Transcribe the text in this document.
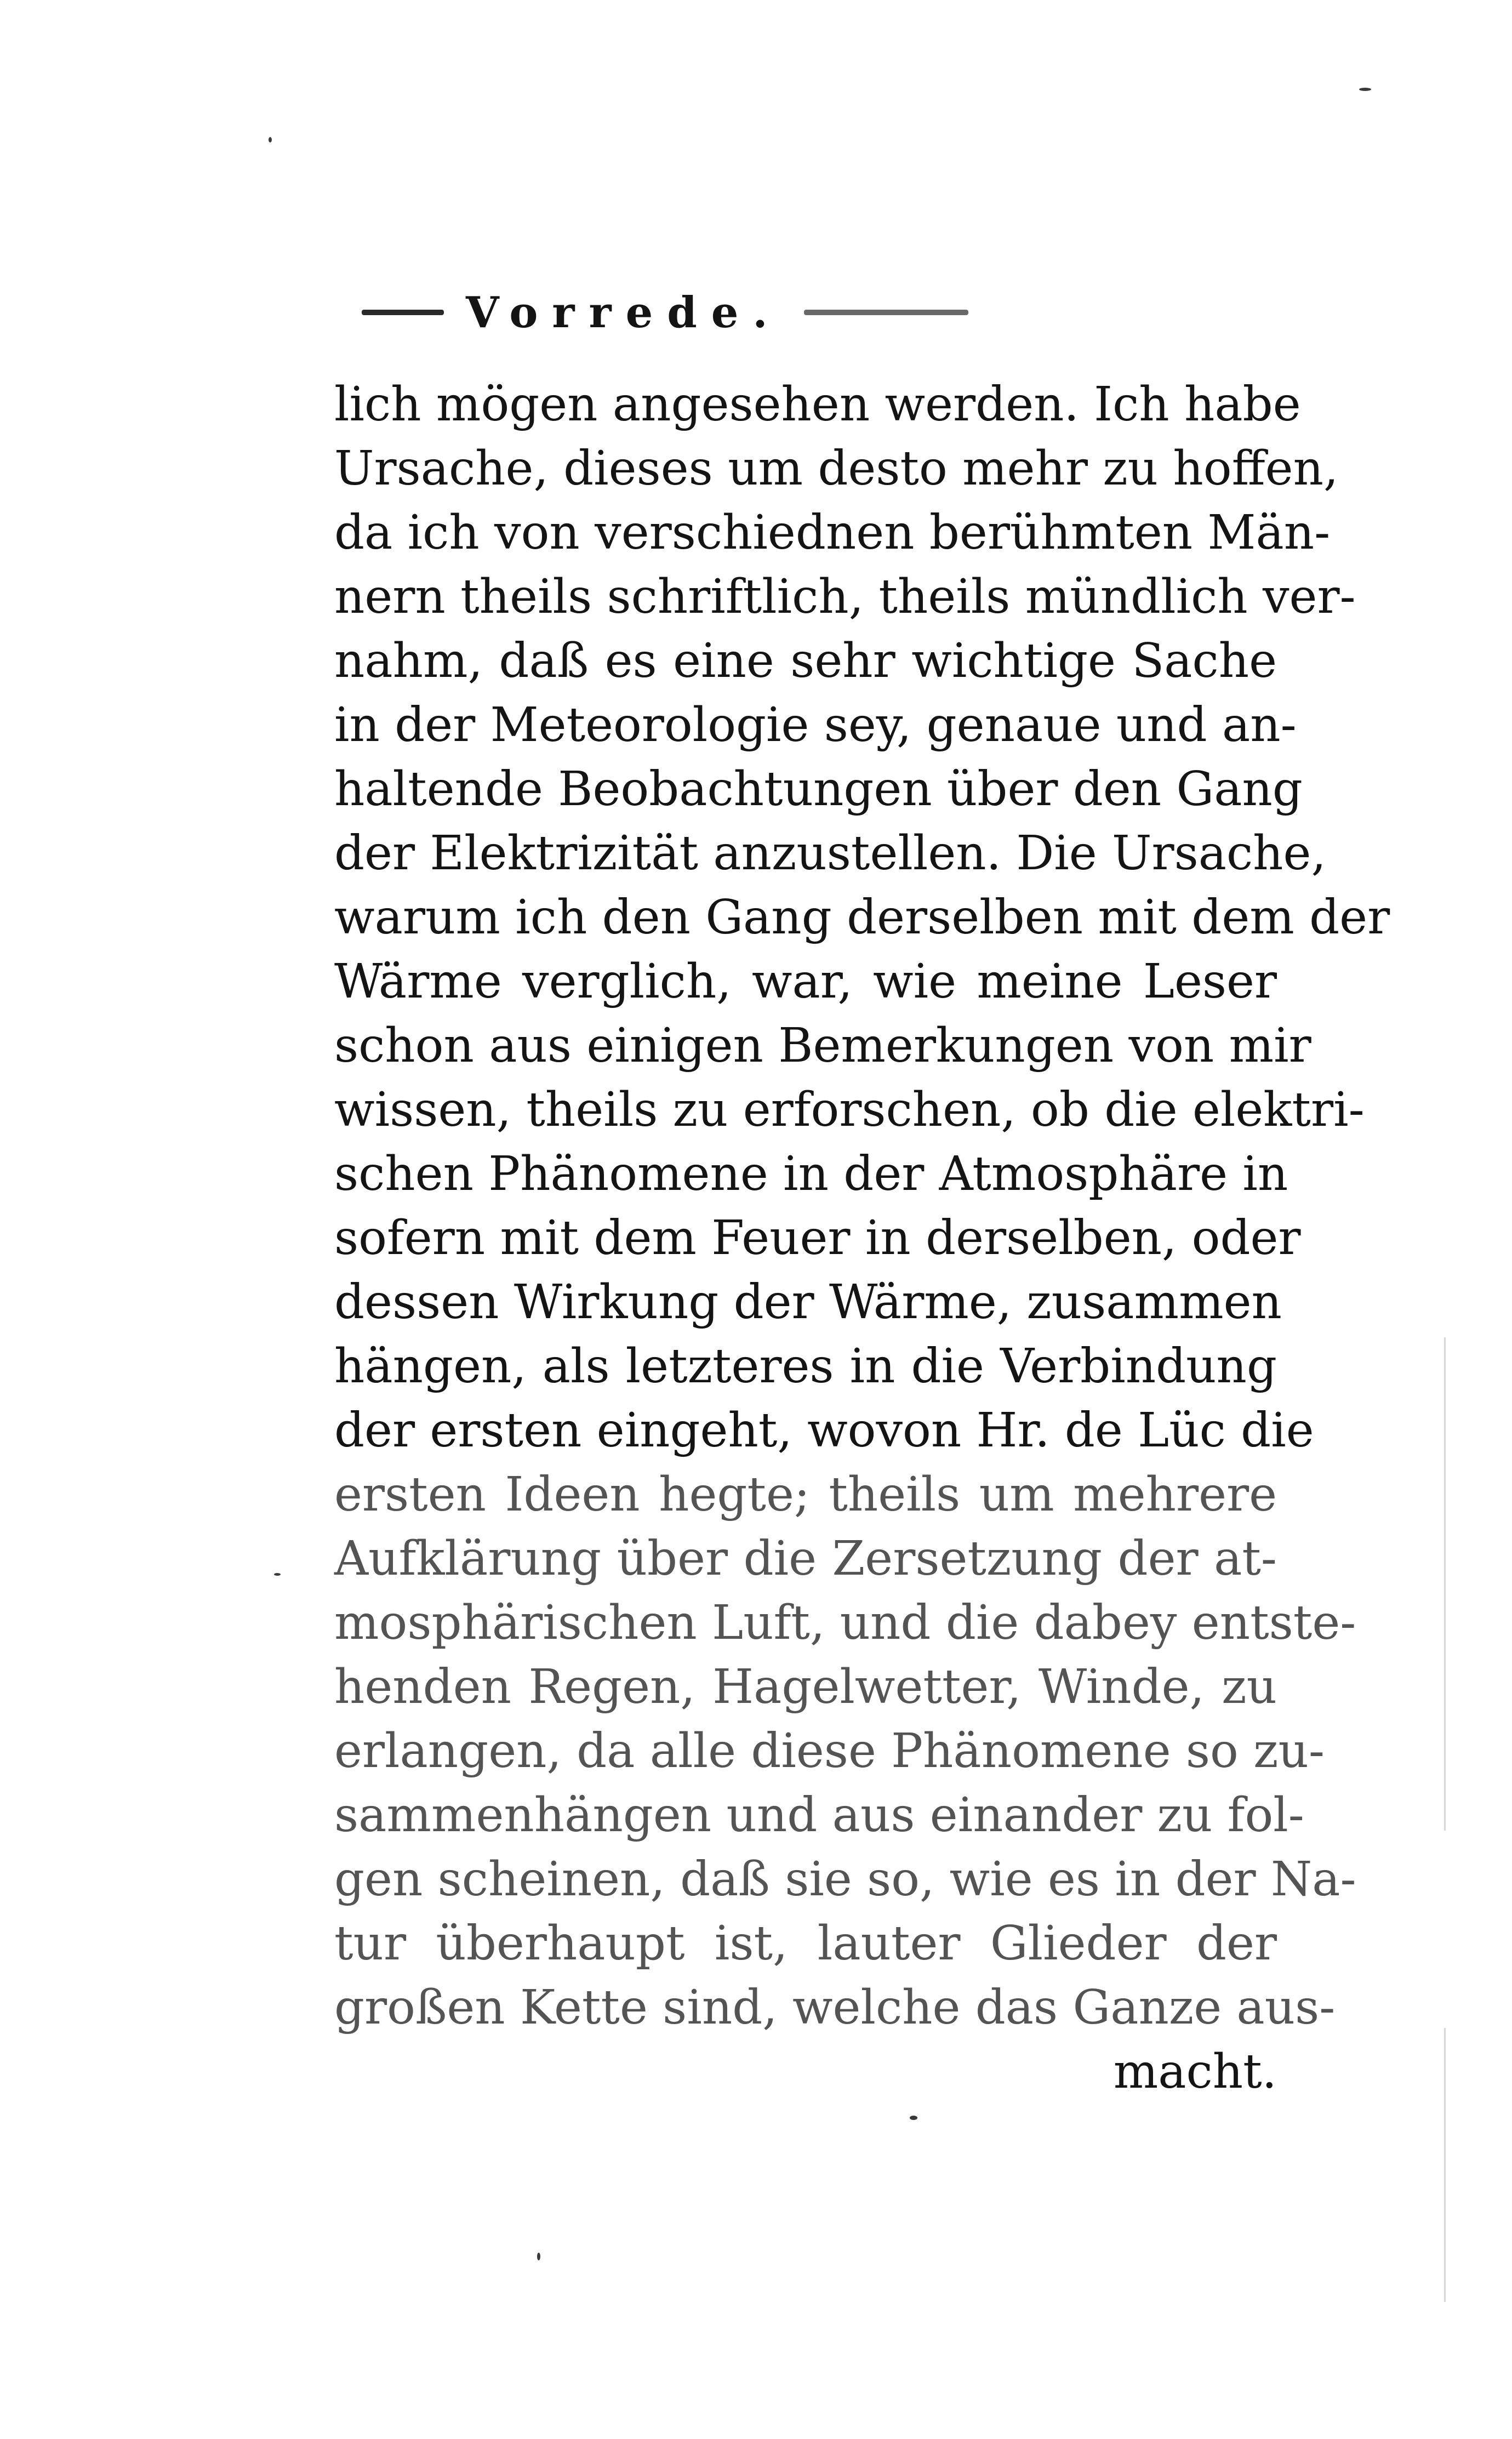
Vorrede.
lich mögen angesehen werden. Ich habe
Ursache, dieses um desto mehr zu hoffen,
da ich von verschiednen berühmten Män-
nern theils schriftlich, theils mündlich ver-
nahm, daß es eine sehr wichtige Sache
in der Meteorologie sey, genaue und an-
haltende Beobachtungen über den Gang
der Elektrizität anzustellen. Die Ursache,
warum ich den Gang derselben mit dem der
Wärme verglich, war, wie meine Leser
schon aus einigen Bemerkungen von mir
wissen, theils zu erforschen, ob die elektri-
schen Phänomene in der Atmosphäre in
sofern mit dem Feuer in derselben, oder
dessen Wirkung der Wärme, zusammen
hängen, als letzteres in die Verbindung
der ersten eingeht, wovon Hr. de Lüc die
ersten Ideen hegte; theils um mehrere
Aufklärung über die Zersetzung der at-
mosphärischen Luft, und die dabey entste-
henden Regen, Hagelwetter, Winde, zu
erlangen, da alle diese Phänomene so zu-
sammenhängen und aus einander zu fol-
gen scheinen, daß sie so, wie es in der Na-
tur überhaupt ist, lauter Glieder der
großen Kette sind, welche das Ganze aus-
macht.
